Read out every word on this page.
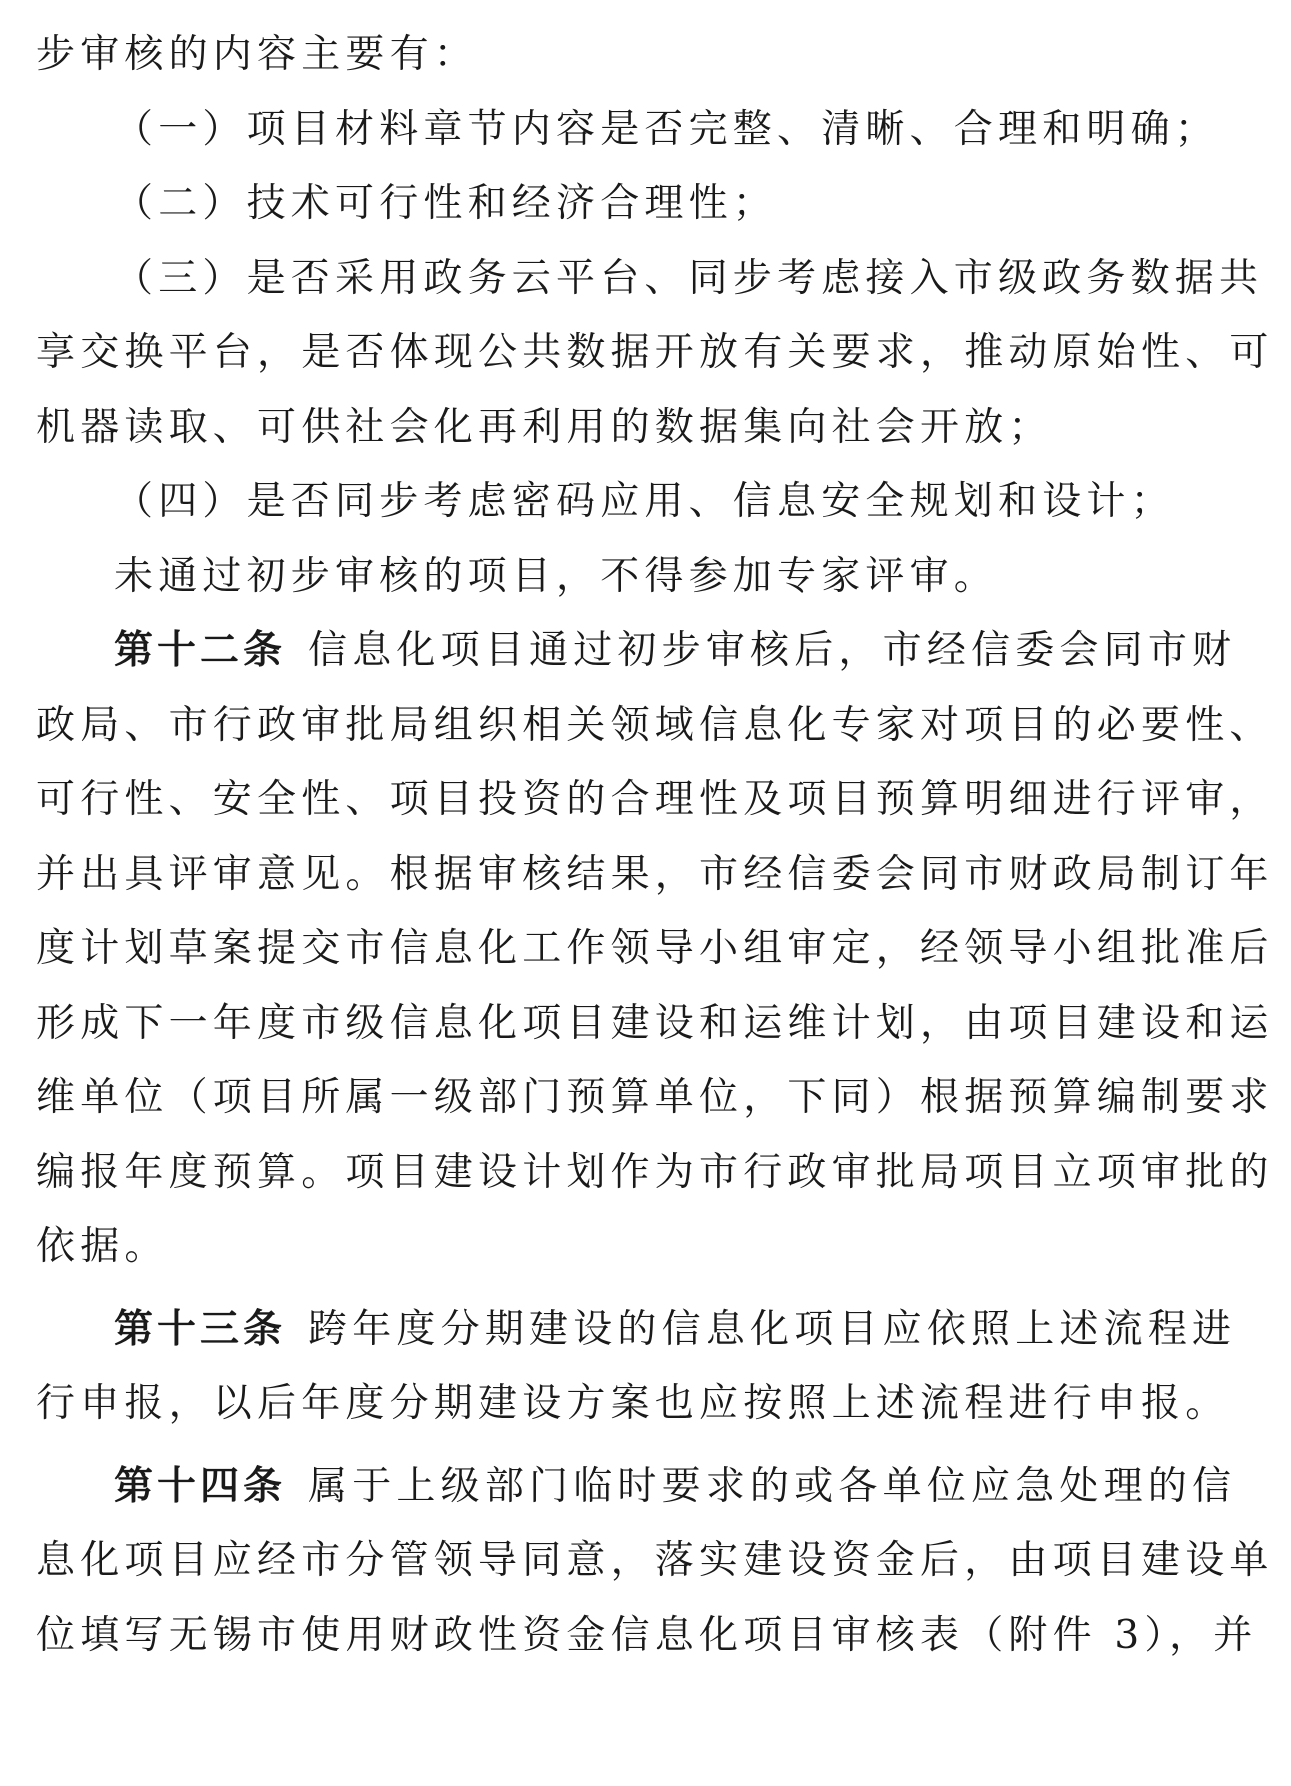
步审核的内容主要有：
（一）项目材料章节内容是否完整、清晰、合理和明确；
（二）技术可行性和经济合理性；
（三）是否采用政务云平台、同步考虑接入市级政务数据共
享交换平台，是否体现公共数据开放有关要求，推动原始性、可
机器读取、可供社会化再利用的数据集向社会开放；
（四）是否同步考虑密码应用、信息安全规划和设计；
未通过初步审核的项目，不得参加专家评审。
第十二条 信息化项目通过初步审核后，市经信委会同市财
政局、市行政审批局组织相关领域信息化专家对项目的必要性、
可行性、安全性、项目投资的合理性及项目预算明细进行评审，
并出具评审意见。根据审核结果，市经信委会同市财政局制订年
度计划草案提交市信息化工作领导小组审定，经领导小组批准后
形成下一年度市级信息化项目建设和运维计划，由项目建设和运
维单位（项目所属一级部门预算单位，下同）根据预算编制要求
编报年度预算。项目建设计划作为市行政审批局项目立项审批的
依据。
第十三条 跨年度分期建设的信息化项目应依照上述流程进
行申报，以后年度分期建设方案也应按照上述流程进行申报。
第十四条 属于上级部门临时要求的或各单位应急处理的信
息化项目应经市分管领导同意，落实建设资金后，由项目建设单
位填写无锡市使用财政性资金信息化项目审核表（附件 3），并
